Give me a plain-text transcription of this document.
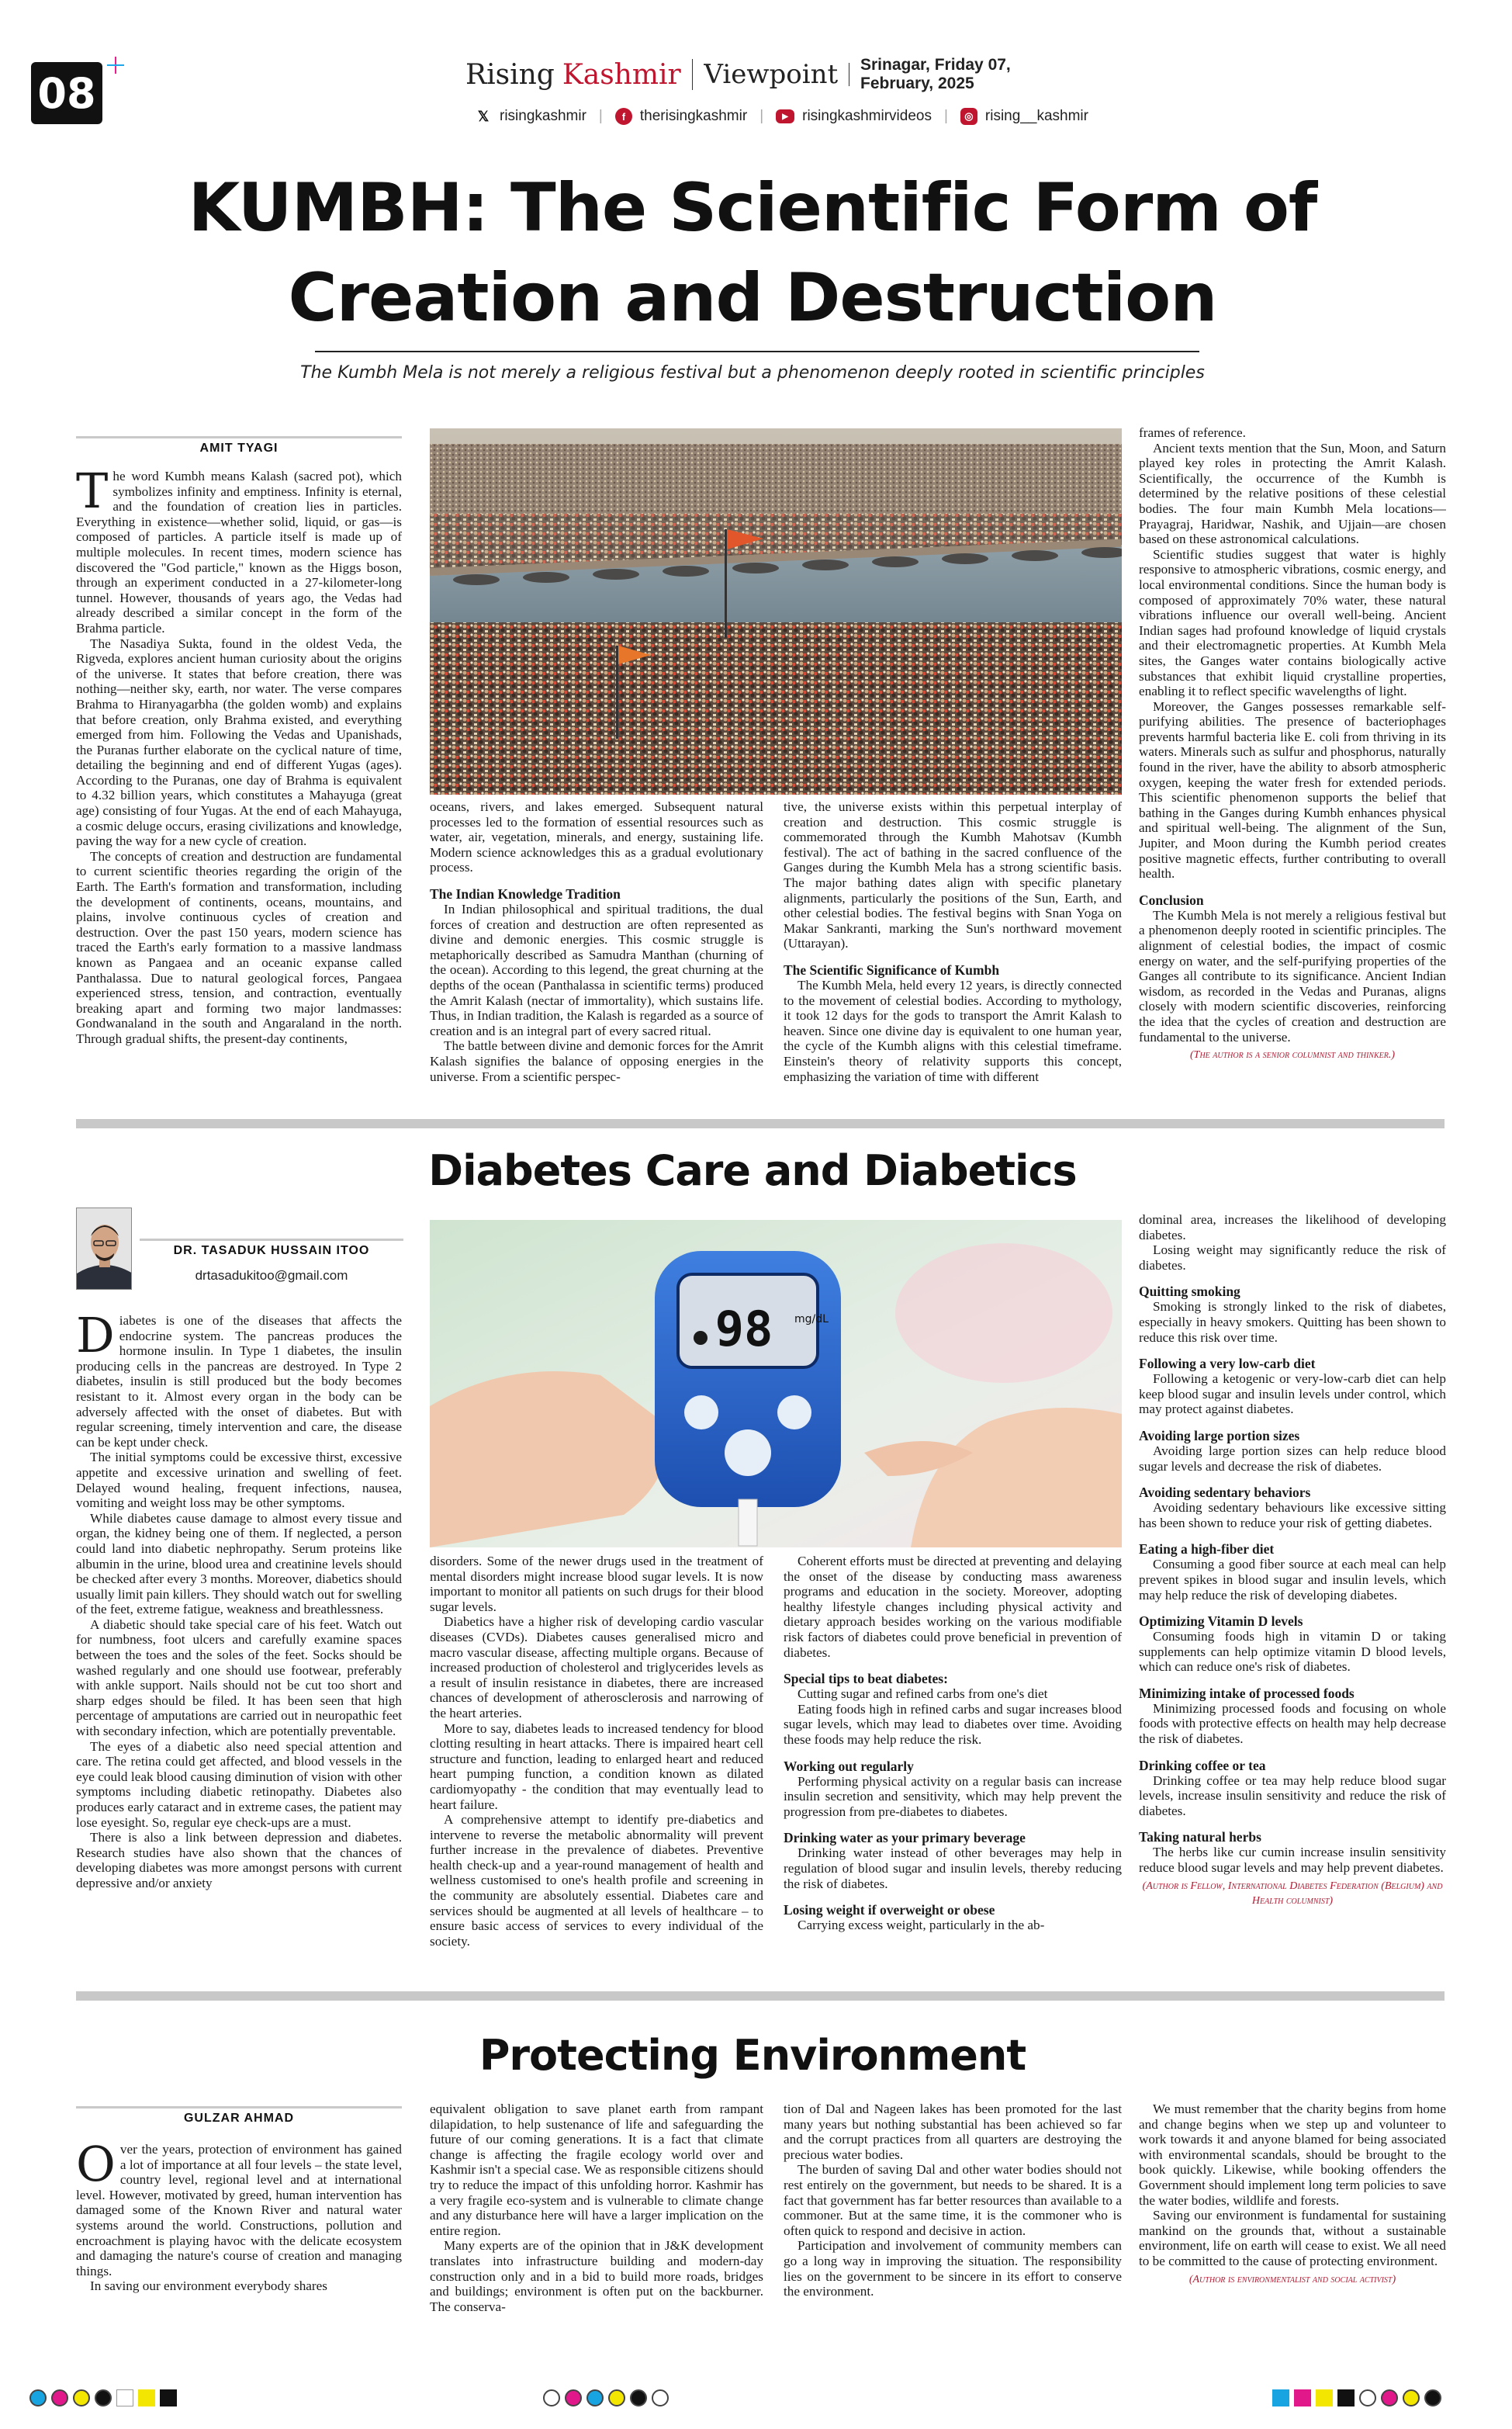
08	Rising Kashmir Viewpoint Srinagar, Friday 07, February, 2025
𝕏 risingkashmir |	f therisingkashmir |	▶ risingkashmirvideos |	◎ rising__kashmir
KUMBH: The Scientific Form of
Creation and Destruction
The Kumbh Mela is not merely a religious festival but a phenomenon deeply rooted in scientific principles
AMIT TYAGI

The word Kumbh means Kalash (sacred pot), which symbolizes infinity and emptiness. Infinity is eternal, and the foundation of creation lies in particles. Everything in existence—whether solid, liquid, or gas—is composed of particles. A particle itself is made up of multiple molecules. In recent times, modern science has discovered the "God particle," known as the Higgs boson, through an experiment conducted in a 27-kilometer-long tunnel. However, thousands of years ago, the Vedas had already described a similar concept in the form of the Brahma particle.

The Nasadiya Sukta, found in the oldest Veda, the Rigveda, explores ancient human curiosity about the origins of the universe. It states that before creation, there was nothing—neither sky, earth, nor water. The verse compares Brahma to Hiranyagarbha (the golden womb) and explains that before creation, only Brahma existed, and everything emerged from him. Following the Vedas and Upanishads, the Puranas further elaborate on the cyclical nature of time, detailing the beginning and end of different Yugas (ages). According to the Puranas, one day of Brahma is equivalent to 4.32 billion years, which constitutes a Mahayuga (great age) consisting of four Yugas. At the end of each Mahayuga, a cosmic deluge occurs, erasing civilizations and knowledge, paving the way for a new cycle of creation.

The concepts of creation and destruction are fundamental to current scientific theories regarding the origin of the Earth. The Earth's formation and transformation, including the development of continents, oceans, mountains, and plains, involve continuous cycles of creation and destruction. Over the past 150 years, modern science has traced the Earth's early formation to a massive landmass known as Pangaea and an oceanic expanse called Panthalassa. Due to natural geological forces, Pangaea experienced stress, tension, and contraction, eventually breaking apart and forming two major landmasses: Gondwanaland in the south and Angaraland in the north. Through gradual shifts, the present-day continents,

oceans, rivers, and lakes emerged. Subsequent natural processes led to the formation of essential resources such as water, air, vegetation, minerals, and energy, sustaining life. Modern science acknowledges this as a gradual evolutionary process.

The Indian Knowledge Tradition

In Indian philosophical and spiritual traditions, the dual forces of creation and destruction are often represented as divine and demonic energies. This cosmic struggle is metaphorically described as Samudra Manthan (churning of the ocean). According to this legend, the great churning at the depths of the ocean (Panthalassa in scientific terms) produced the Amrit Kalash (nectar of immortality), which sustains life. Thus, in Indian tradition, the Kalash is regarded as a source of creation and is an integral part of every sacred ritual.

The battle between divine and demonic forces for the Amrit Kalash signifies the balance of opposing energies in the universe. From a scientific perspec-

tive, the universe exists within this perpetual interplay of creation and destruction. This cosmic struggle is commemorated through the Kumbh Mahotsav (Kumbh festival). The act of bathing in the sacred confluence of the Ganges during the Kumbh Mela has a strong scientific basis. The major bathing dates align with specific planetary alignments, particularly the positions of the Sun, Earth, and other celestial bodies. The festival begins with Snan Yoga on Makar Sankranti, marking the Sun's northward movement (Uttarayan).

The Scientific Significance of Kumbh

The Kumbh Mela, held every 12 years, is directly connected to the movement of celestial bodies. According to mythology, it took 12 days for the gods to transport the Amrit Kalash to heaven. Since one divine day is equivalent to one human year, the cycle of the Kumbh aligns with this celestial timeframe. Einstein's theory of relativity supports this concept, emphasizing the variation of time with different

frames of reference.

Ancient texts mention that the Sun, Moon, and Saturn played key roles in protecting the Amrit Kalash. Scientifically, the occurrence of the Kumbh is determined by the relative positions of these celestial bodies. The four main Kumbh Mela locations—Prayagraj, Haridwar, Nashik, and Ujjain—are chosen based on these astronomical calculations.

Scientific studies suggest that water is highly responsive to atmospheric vibrations, cosmic energy, and local environmental conditions. Since the human body is composed of approximately 70% water, these natural vibrations influence our overall well-being. Ancient Indian sages had profound knowledge of liquid crystals and their electromagnetic properties. At Kumbh Mela sites, the Ganges water contains biologically active substances that exhibit liquid crystalline properties, enabling it to reflect specific wavelengths of light.

Moreover, the Ganges possesses remarkable self-purifying abilities. The presence of bacteriophages prevents harmful bacteria like E. coli from thriving in its waters. Minerals such as sulfur and phosphorus, naturally found in the river, have the ability to absorb atmospheric oxygen, keeping the water fresh for extended periods. This scientific phenomenon supports the belief that bathing in the Ganges during Kumbh enhances physical and spiritual well-being. The alignment of the Sun, Jupiter, and Moon during the Kumbh period creates positive magnetic effects, further contributing to overall health.

Conclusion

The Kumbh Mela is not merely a religious festival but a phenomenon deeply rooted in scientific principles. The alignment of celestial bodies, the impact of cosmic energy on water, and the self-purifying properties of the Ganges all contribute to its significance. Ancient Indian wisdom, as recorded in the Vedas and Puranas, aligns closely with modern scientific discoveries, reinforcing the idea that the cycles of creation and destruction are fundamental to the universe.

(The author is a senior columnist and thinker.)
Diabetes Care and Diabetics
DR. TASADUK HUSSAIN ITOO
drtasadukitoo@gmail.com
98 mg/dL

Diabetes is one of the diseases that affects the endocrine system. The pancreas produces the hormone insulin. In Type 1 diabetes, the insulin producing cells in the pancreas are destroyed. In Type 2 diabetes, insulin is still produced but the body becomes resistant to it. Almost every organ in the body can be adversely affected with the onset of diabetes. But with regular screening, timely intervention and care, the disease can be kept under check.

The initial symptoms could be excessive thirst, excessive appetite and excessive urination and swelling of feet. Delayed wound healing, frequent infections, nausea, vomiting and weight loss may be other symptoms.

While diabetes cause damage to almost every tissue and organ, the kidney being one of them. If neglected, a person could land into diabetic nephropathy. Serum proteins like albumin in the urine, blood urea and creatinine levels should be checked after every 3 months. Moreover, diabetics should usually limit pain killers. They should watch out for swelling of the feet, extreme fatigue, weakness and breathlessness.

A diabetic should take special care of his feet. Watch out for numbness, foot ulcers and carefully examine spaces between the toes and the soles of the feet. Socks should be washed regularly and one should use footwear, preferably with ankle support. Nails should not be cut too short and sharp edges should be filed. It has been seen that high percentage of amputations are carried out in neuropathic feet with secondary infection, which are potentially preventable.

The eyes of a diabetic also need special attention and care. The retina could get affected, and blood vessels in the eye could leak blood causing diminution of vision with other symptoms including diabetic retinopathy. Diabetes also produces early cataract and in extreme cases, the patient may lose eyesight. So, regular eye check-ups are a must.

There is also a link between depression and diabetes. Research studies have also shown that the chances of developing diabetes was more amongst persons with current depressive and/or anxiety

disorders. Some of the newer drugs used in the treatment of mental disorders might increase blood sugar levels. It is now important to monitor all patients on such drugs for their blood sugar levels.

Diabetics have a higher risk of developing cardio vascular diseases (CVDs). Diabetes causes generalised micro and macro vascular disease, affecting multiple organs. Because of increased production of cholesterol and triglycerides levels as a result of insulin resistance in diabetes, there are increased chances of development of atherosclerosis and narrowing of the heart arteries.

More to say, diabetes leads to increased tendency for blood clotting resulting in heart attacks. There is impaired heart cell structure and function, leading to enlarged heart and reduced heart pumping function, a condition known as dilated cardiomyopathy - the condition that may eventually lead to heart failure.

A comprehensive attempt to identify pre-diabetics and intervene to reverse the metabolic abnormality will prevent further increase in the prevalence of diabetes. Preventive health check-up and a year-round management of health and wellness customised to one's health profile and screening in the community are absolutely essential. Diabetes care and services should be augmented at all levels of healthcare – to ensure basic access of services to every individual of the society.

Coherent efforts must be directed at preventing and delaying the onset of the disease by conducting mass awareness programs and education in the society. Moreover, adopting healthy lifestyle changes including physical activity and dietary approach besides working on the various modifiable risk factors of diabetes could prove beneficial in prevention of diabetes.

Special tips to beat diabetes:

Cutting sugar and refined carbs from one's diet

Eating foods high in refined carbs and sugar increases blood sugar levels, which may lead to diabetes over time. Avoiding these foods may help reduce the risk.

Working out regularly

Performing physical activity on a regular basis can increase insulin secretion and sensitivity, which may help prevent the progression from pre-diabetes to diabetes.

Drinking water as your primary beverage

Drinking water instead of other beverages may help in regulation of blood sugar and insulin levels, thereby reducing the risk of diabetes.

Losing weight if overweight or obese

Carrying excess weight, particularly in the ab-

dominal area, increases the likelihood of developing diabetes.

Losing weight may significantly reduce the risk of diabetes.

Quitting smoking

Smoking is strongly linked to the risk of diabetes, especially in heavy smokers. Quitting has been shown to reduce this risk over time.

Following a very low-carb diet

Following a ketogenic or very-low-carb diet can help keep blood sugar and insulin levels under control, which may protect against diabetes.

Avoiding large portion sizes

Avoiding large portion sizes can help reduce blood sugar levels and decrease the risk of diabetes.

Avoiding sedentary behaviors

Avoiding sedentary behaviours like excessive sitting has been shown to reduce your risk of getting diabetes.

Eating a high-fiber diet

Consuming a good fiber source at each meal can help prevent spikes in blood sugar and insulin levels, which may help reduce the risk of developing diabetes.

Optimizing Vitamin D levels

Consuming foods high in vitamin D or taking supplements can help optimize vitamin D blood levels, which can reduce one's risk of diabetes.

Minimizing intake of processed foods

Minimizing processed foods and focusing on whole foods with protective effects on health may help decrease the risk of diabetes.

Drinking coffee or tea

Drinking coffee or tea may help reduce blood sugar levels, increase insulin sensitivity and reduce the risk of diabetes.

Taking natural herbs

The herbs like cur cumin increase insulin sensitivity reduce blood sugar levels and may help prevent diabetes.

(Author is Fellow, International Diabetes Federation (Belgium) and Health columnist)
Protecting Environment
GULZAR AHMAD

Over the years, protection of environment has gained a lot of importance at all four levels – the state level, country level, regional level and at international level. However, motivated by greed, human intervention has damaged some of the Known River and natural water systems around the world. Constructions, pollution and encroachment is playing havoc with the delicate ecosystem and damaging the nature's course of creation and managing things.

In saving our environment everybody shares

equivalent obligation to save planet earth from rampant dilapidation, to help sustenance of life and safeguarding the future of our coming generations. It is a fact that climate change is affecting the fragile ecology world over and Kashmir isn't a special case. We as responsible citizens should try to reduce the impact of this unfolding horror. Kashmir has a very fragile eco-system and is vulnerable to climate change and any disturbance here will have a larger implication on the entire region.

Many experts are of the opinion that in J&K development translates into infrastructure building and modern-day construction only and in a bid to build more roads, bridges and buildings; environment is often put on the backburner. The conserva-

tion of Dal and Nageen lakes has been promoted for the last many years but nothing substantial has been achieved so far and the corrupt practices from all quarters are destroying the precious water bodies.

The burden of saving Dal and other water bodies should not rest entirely on the government, but needs to be shared. It is a fact that government has far better resources than available to a commoner. But at the same time, it is the commoner who is often quick to respond and decisive in action.

Participation and involvement of community members can go a long way in improving the situation. The responsibility lies on the government to be sincere in its effort to conserve the environment.

We must remember that the charity begins from home and change begins when we step up and volunteer to work towards it and anyone blamed for being associated with environmental scandals, should be brought to the book quickly. Likewise, while booking offenders the Government should implement long term policies to save the water bodies, wildlife and forests.

Saving our environment is fundamental for sustaining mankind on the grounds that, without a sustainable environment, life on earth will cease to exist. We all need to be committed to the cause of protecting environment.

(Author is environmentalist and social activist)
